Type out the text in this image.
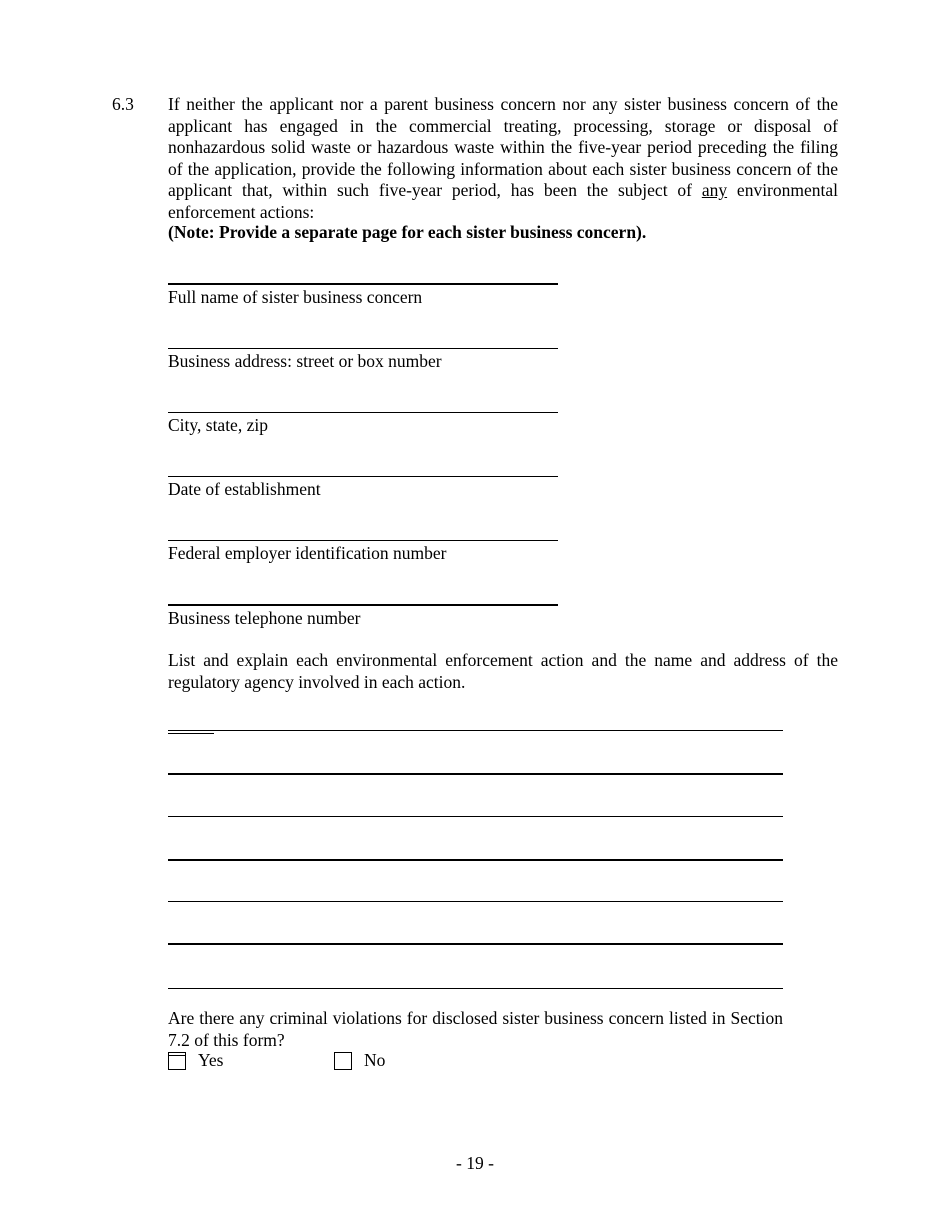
6.3 If neither the applicant nor a parent business concern nor any sister business concern of the applicant has engaged in the commercial treating, processing, storage or disposal of nonhazardous solid waste or hazardous waste within the five-year period preceding the filing of the application, provide the following information about each sister business concern of the applicant that, within such five-year period, has been the subject of any environmental enforcement actions:
(Note: Provide a separate page for each sister business concern).
Full name of sister business concern
Business address: street or box number
City, state, zip
Date of establishment
Federal employer identification number
Business telephone number
List and explain each environmental enforcement action and the name and address of the regulatory agency involved in each action.
Are there any criminal violations for disclosed sister business concern listed in Section 7.2 of this form?
Yes	No
- 19 -
